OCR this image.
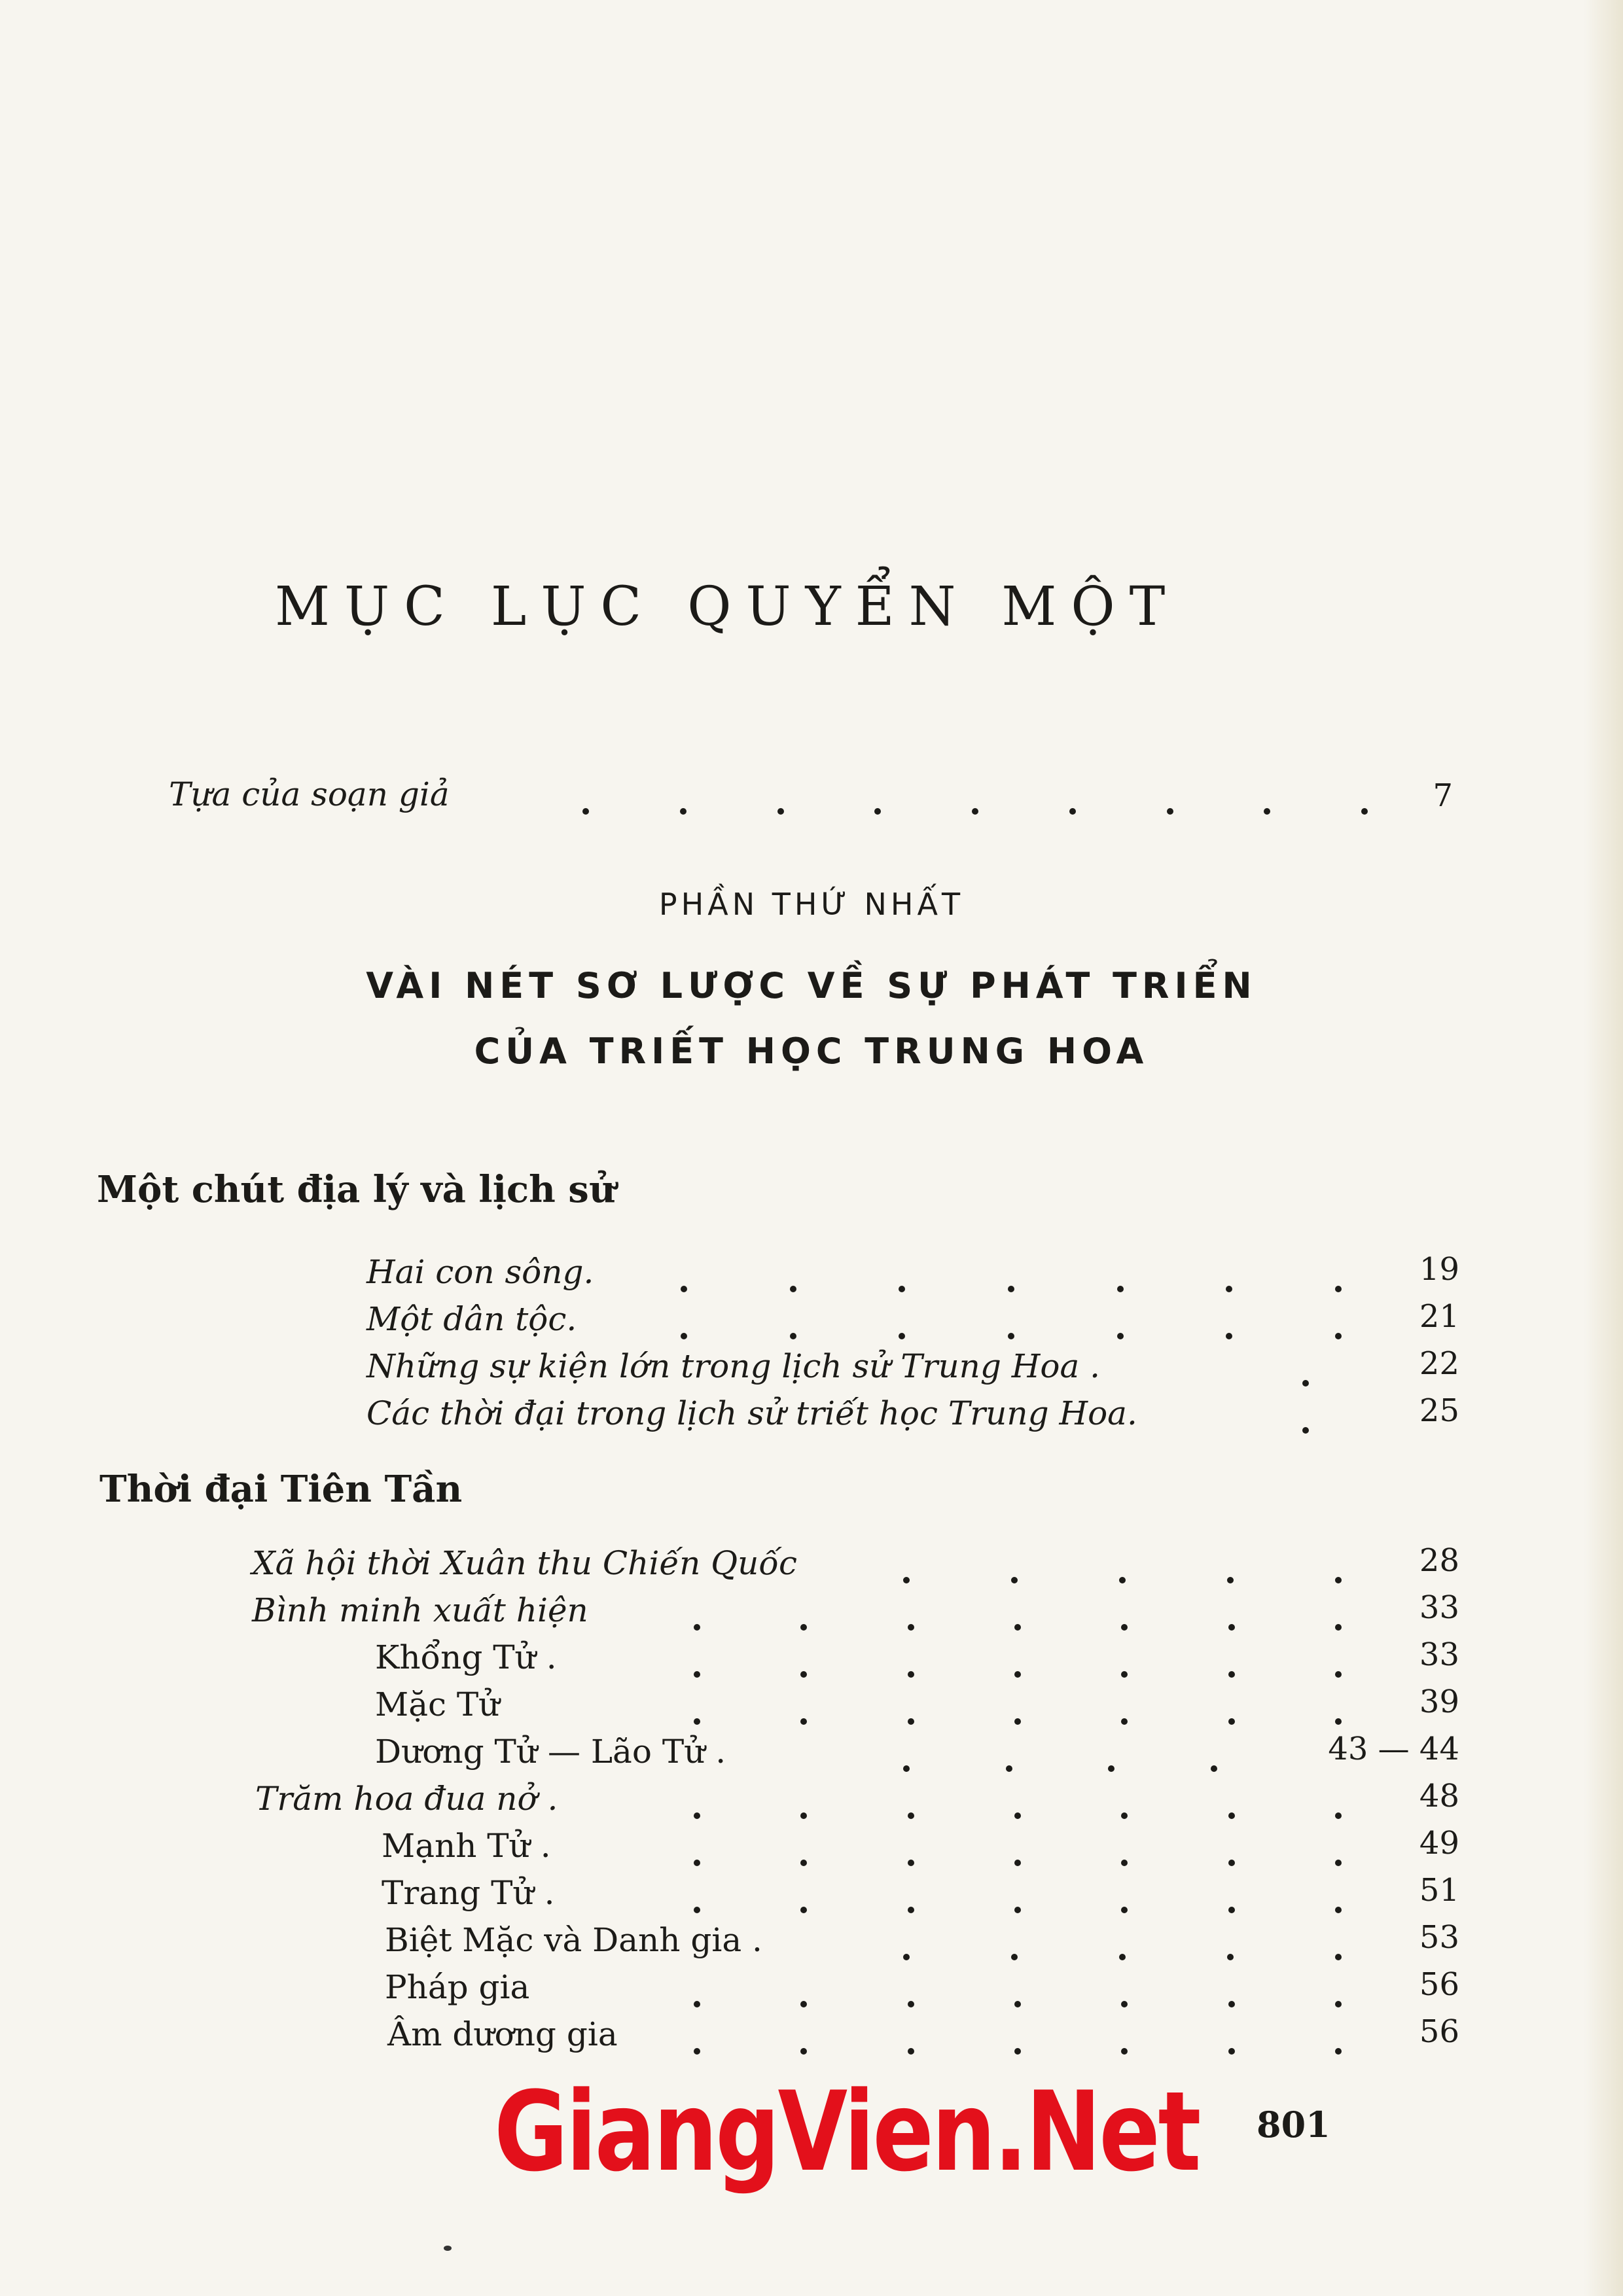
MỤC LỤC QUYỂN MỘT
Tựa của soạn giả	7
PHẦN THỨ NHẤT
VÀI NÉT SƠ LƯỢC VỀ SỰ PHÁT TRIỂN
CỦA TRIẾT HỌC TRUNG HOA
Một chút địa lý và lịch sử
Hai con sông.	19
Một dân tộc.	21
Những sự kiện lớn trong lịch sử Trung Hoa .	22
Các thời đại trong lịch sử triết học Trung Hoa.	25
Thời đại Tiên Tần
Xã hội thời Xuân thu Chiến Quốc	28
Bình minh xuất hiện	33
Khổng Tử .	33
Mặc Tử	39
Dương Tử — Lão Tử .	43 — 44
Trăm hoa đua nở .	48
Mạnh Tử .	49
Trang Tử .	51
Biệt Mặc và Danh gia .	53
Pháp gia	56
Âm dương gia	56
GiangVien.Net 801
